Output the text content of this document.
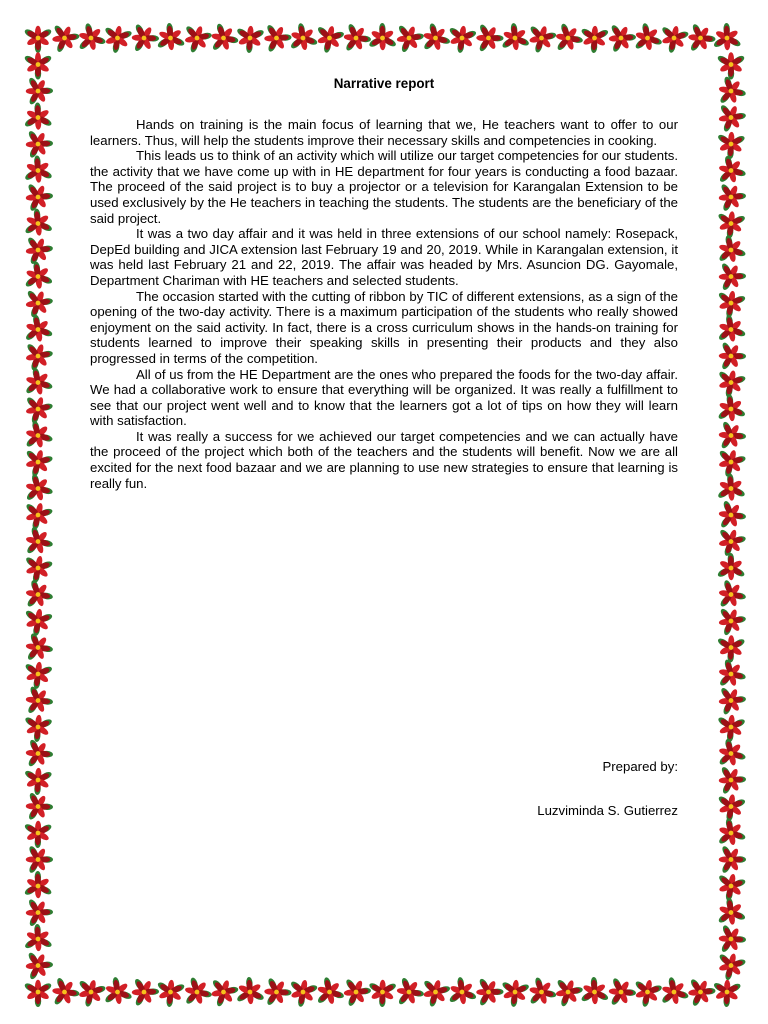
Narrative report

Hands on training is the main focus of learning that we, He teachers want to offer to our learners. Thus, will help the students improve their necessary skills and competencies in cooking.

This leads us to think of an activity which will utilize our target competencies for our students. the activity that we have come up with in HE department for four years is conducting a food bazaar. The proceed of the said project is to buy a projector or a television for Karangalan Extension to be used exclusively by the He teachers in teaching the students. The students are the beneficiary of the said project.

It was a two day affair and it was held in three extensions of our school namely: Rosepack, DepEd building and JICA extension last February 19 and 20, 2019. While in Karangalan extension, it was held last February 21 and 22, 2019. The affair was headed by Mrs. Asuncion DG. Gayomale, Department Chariman with HE teachers and selected students.

The occasion started with the cutting of ribbon by TIC of different extensions, as a sign of the opening of the two-day activity. There is a maximum participation of the students who really showed enjoyment on the said activity. In fact, there is a cross curriculum shows in the hands-on training for students learned to improve their speaking skills in presenting their products and they also progressed in terms of the competition.

All of us from the HE Department are the ones who prepared the foods for the two-day affair. We had a collaborative work to ensure that everything will be organized. It was really a fulfillment to see that our project went well and to know that the learners got a lot of tips on how they will learn with satisfaction.

It was really a success for we achieved our target competencies and we can actually have the proceed of the project which both of the teachers and the students will benefit. Now we are all excited for the next food bazaar and we are planning to use new strategies to ensure that learning is really fun.

Prepared by:
Luzviminda S. Gutierrez
